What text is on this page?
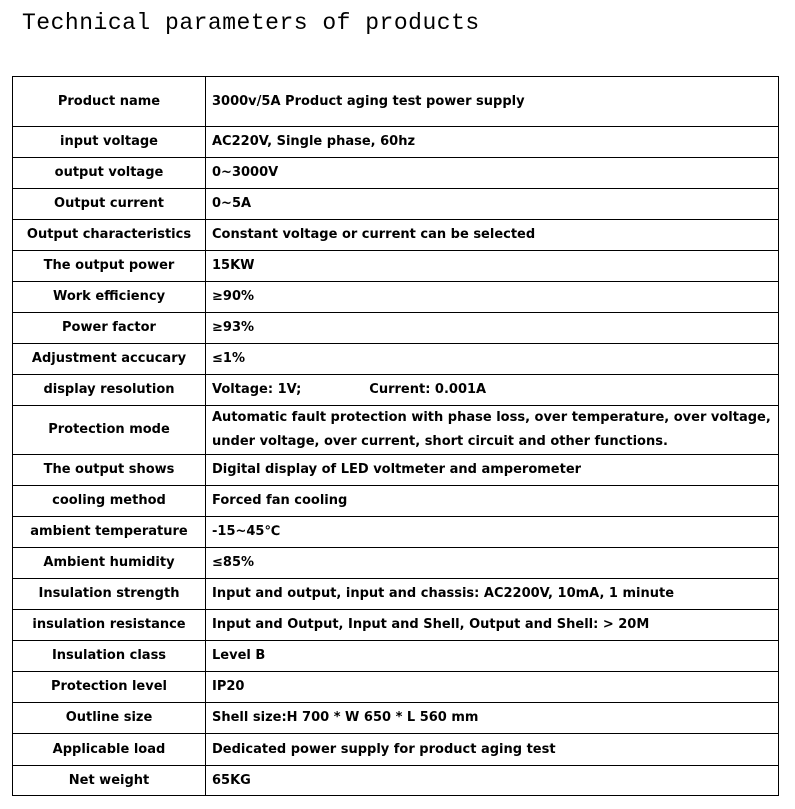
Technical parameters of products
Product name	3000v/5A Product aging test power supply
input voltage	AC220V, Single phase, 60hz
output voltage	0~3000V
Output current	0~5A
Output characteristics	Constant voltage or current can be selected
The output power	15KW
Work efficiency	≥90%
Power factor	≥93%
Adjustment accucary	≤1%
display resolution	Voltage: 1V; Current: 0.001A
Protection mode	Automatic fault protection with phase loss, over temperature, over voltage, under voltage, over current, short circuit and other functions.
The output shows	Digital display of LED voltmeter and amperometer
cooling method	Forced fan cooling
ambient temperature	-15~45℃
Ambient humidity	≤85%
Insulation strength	Input and output, input and chassis: AC2200V, 10mA, 1 minute
insulation resistance	Input and Output, Input and Shell, Output and Shell: > 20M
Insulation class	Level B
Protection level	IP20
Outline size	Shell size:H 700 * W 650 * L 560 mm
Applicable load	Dedicated power supply for product aging test
Net weight	65KG
